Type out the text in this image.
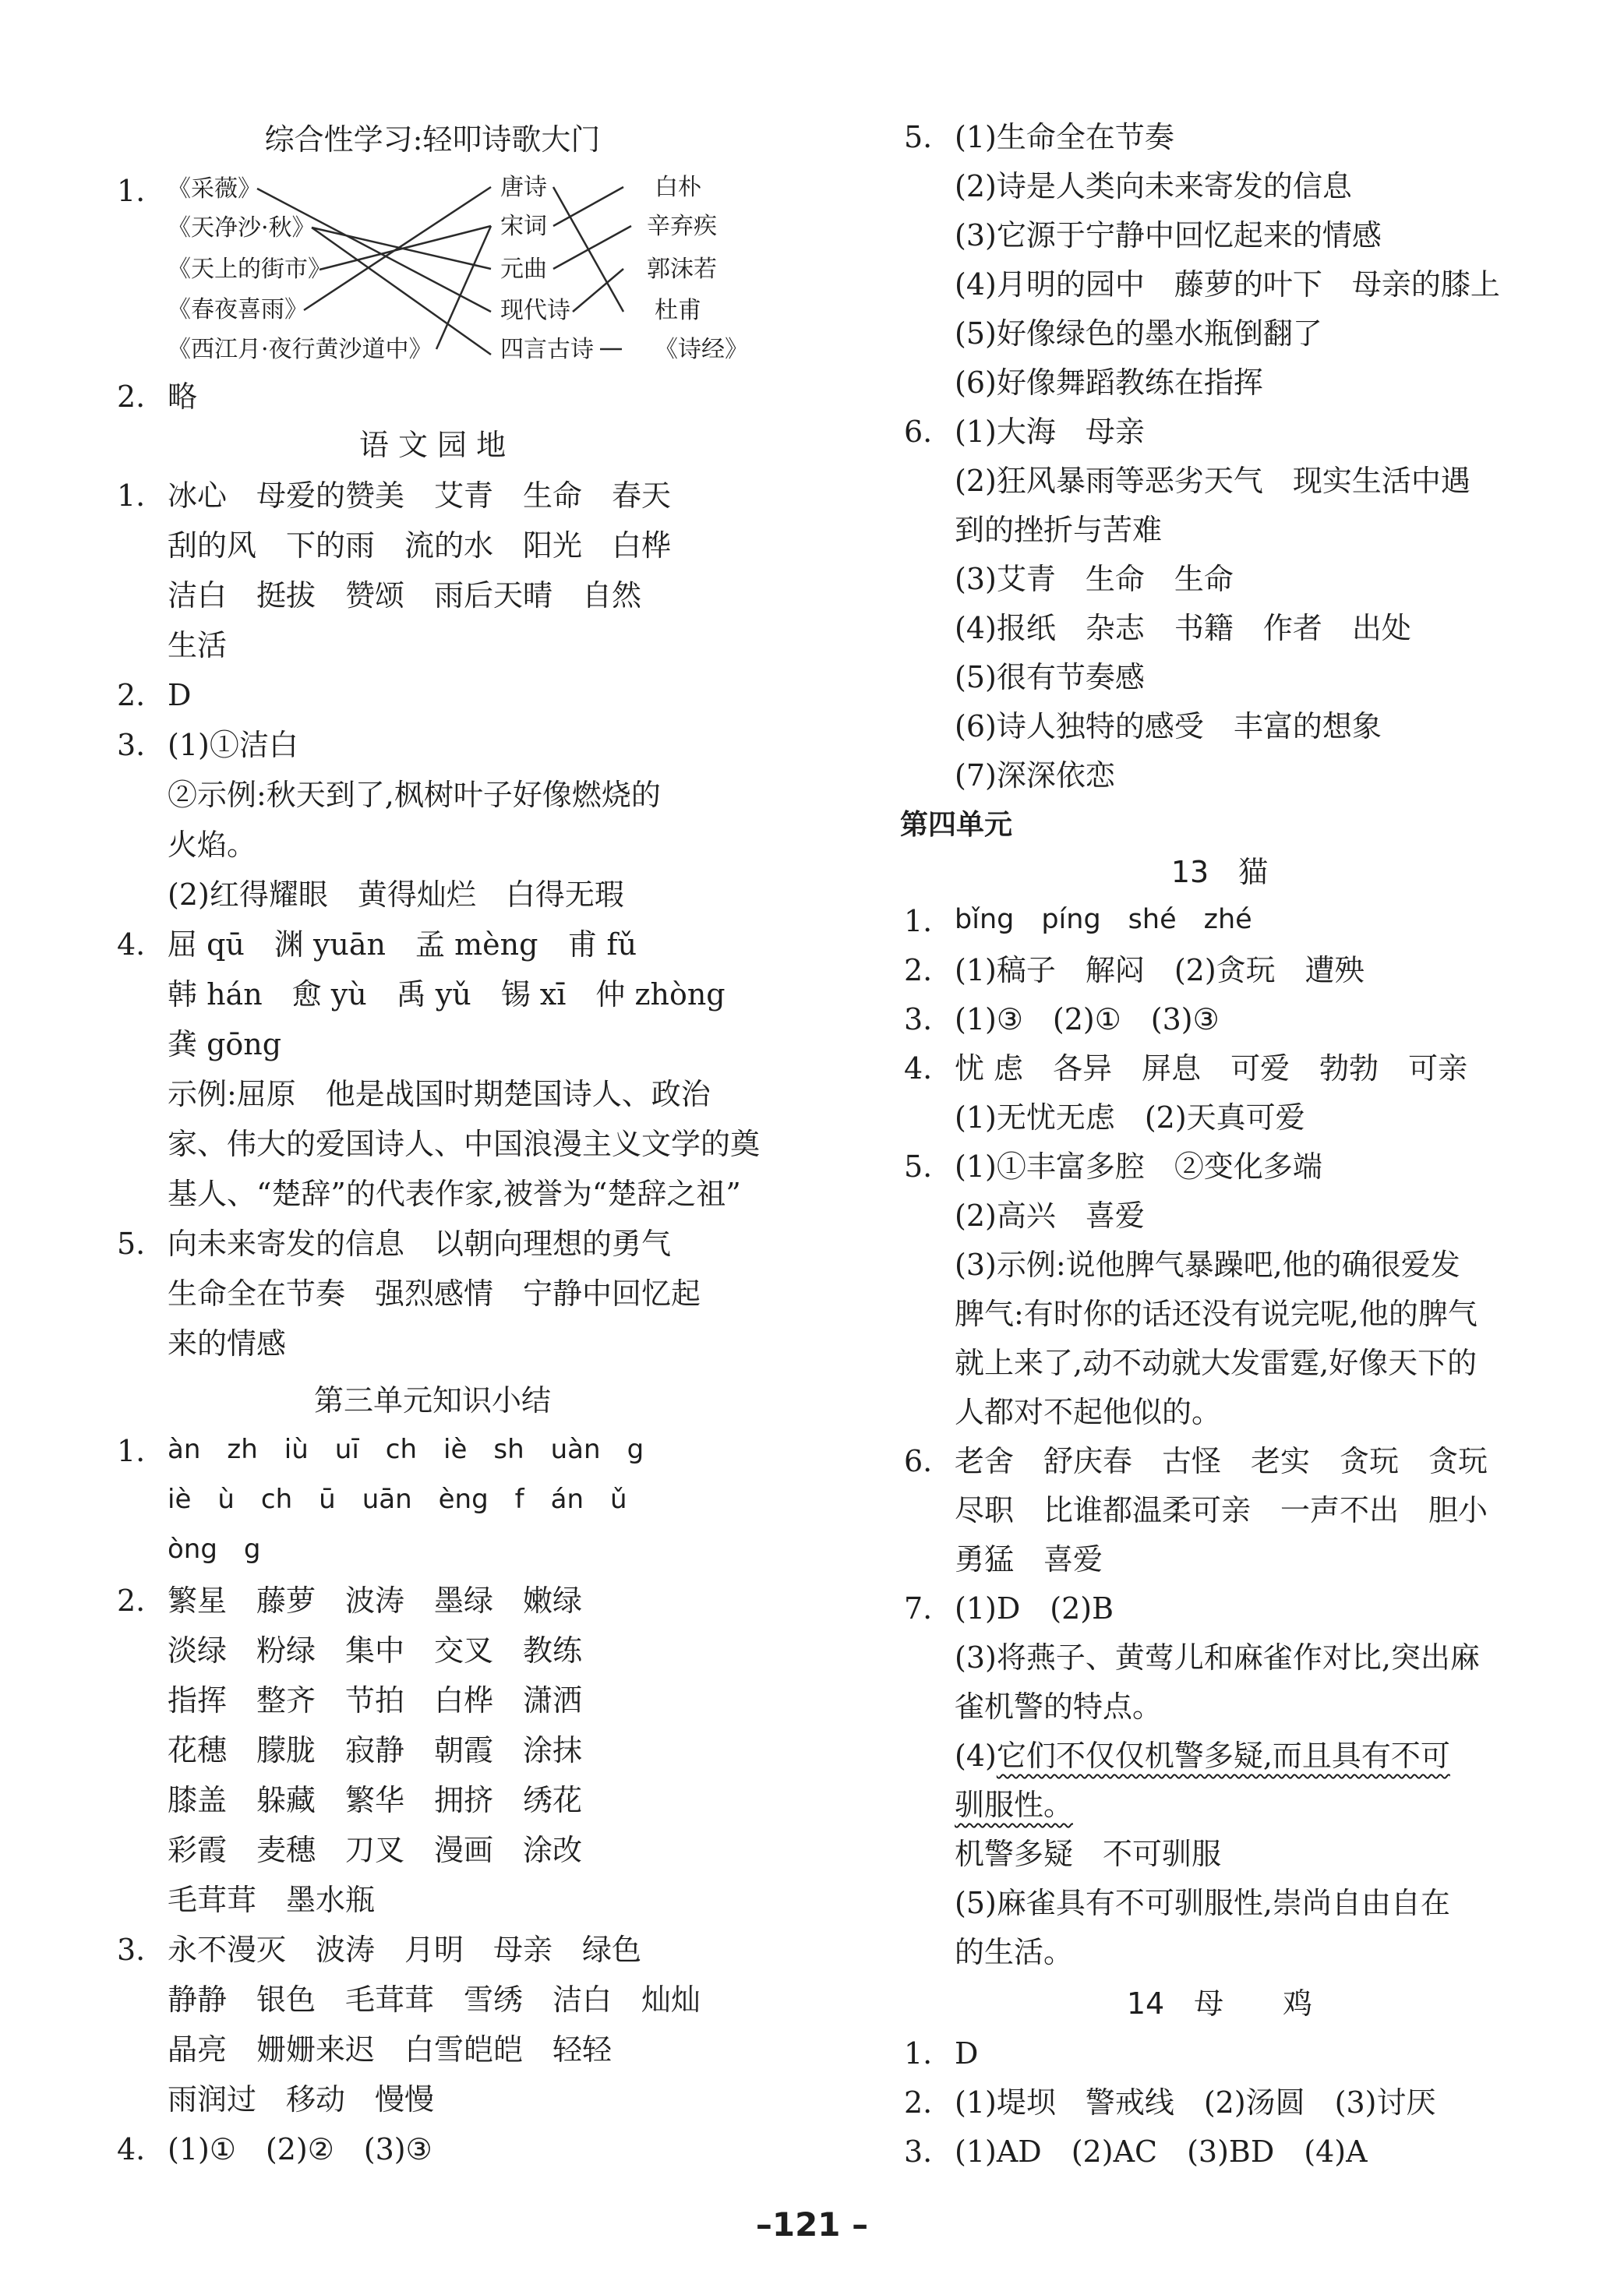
综合性学习:轻叩诗歌大门
1. 《采薇》
《天净沙·秋》
《天上的街市》
《春夜喜雨》
《西江月·夜行黄沙道中》
唐诗
宋词
元曲
现代诗
四言古诗
白朴
辛弃疾
郭沫若
杜甫
《诗经》
2. 略
语 文 园 地
1. 冰心　母爱的赞美　艾青　生命　春天
刮的风　下的雨　流的水　阳光　白桦
洁白　挺拔　赞颂　雨后天晴　自然
生活
2. D
3. (1)①洁白
②示例:秋天到了,枫树叶子好像燃烧的
火焰。
(2)红得耀眼　黄得灿烂　白得无瑕
4. 屈 qū　渊 yuān　孟 mèng　甫 fǔ
韩 hán　愈 yù　禹 yǔ　锡 xī　仲 zhòng
龚 gōng
示例:屈原　他是战国时期楚国诗人、政治
家、伟大的爱国诗人、中国浪漫主义文学的奠
基人、“楚辞”的代表作家,被誉为“楚辞之祖”
5. 向未来寄发的信息　以朝向理想的勇气
生命全在节奏　强烈感情　宁静中回忆起
来的情感
第三单元知识小结
1. àn　zh　iù　uī　ch　iè　sh　uàn　g
iè　ù　ch　ū　uān　èng　f　án　ǔ
òng　g
2. 繁星　藤萝　波涛　墨绿　嫩绿
淡绿　粉绿　集中　交叉　教练
指挥　整齐　节拍　白桦　潇洒
花穗　朦胧　寂静　朝霞　涂抹
膝盖　躲藏　繁华　拥挤　绣花
彩霞　麦穗　刀叉　漫画　涂改
毛茸茸　墨水瓶
3. 永不漫灭　波涛　月明　母亲　绿色
静静　银色　毛茸茸　雪绣　洁白　灿灿
晶亮　姗姗来迟　白雪皑皑　轻轻
雨润过　移动　慢慢
4. (1)①　(2)②　(3)③
5. (1)生命全在节奏
(2)诗是人类向未来寄发的信息
(3)它源于宁静中回忆起来的情感
(4)月明的园中　藤萝的叶下　母亲的膝上
(5)好像绿色的墨水瓶倒翻了
(6)好像舞蹈教练在指挥
6. (1)大海　母亲
(2)狂风暴雨等恶劣天气　现实生活中遇
到的挫折与苦难
(3)艾青　生命　生命
(4)报纸　杂志　书籍　作者　出处
(5)很有节奏感
(6)诗人独特的感受　丰富的想象
(7)深深依恋
第四单元
13　猫
1. bǐng　píng　shé　zhé
2. (1)稿子　解闷　(2)贪玩　遭殃
3. (1)③　(2)①　(3)③
4. 忧 虑　各异　屏息　可爱　勃勃　可亲
(1)无忧无虑　(2)天真可爱
5. (1)①丰富多腔　②变化多端
(2)高兴　喜爱
(3)示例:说他脾气暴躁吧,他的确很爱发
脾气:有时你的话还没有说完呢,他的脾气
就上来了,动不动就大发雷霆,好像天下的
人都对不起他似的。
6. 老舍　舒庆春　古怪　老实　贪玩　贪玩
尽职　比谁都温柔可亲　一声不出　胆小
勇猛　喜爱
7. (1)D　(2)B
(3)将燕子、黄莺儿和麻雀作对比,突出麻
雀机警的特点。
(4)它们不仅仅机警多疑,而且具有不可
驯服性。
机警多疑　不可驯服
(5)麻雀具有不可驯服性,崇尚自由自在
的生活。
14　母　　鸡
1. D
2. (1)堤坝　警戒线　(2)汤圆　(3)讨厌
3. (1)AD　(2)AC　(3)BD　(4)A
–121 –
